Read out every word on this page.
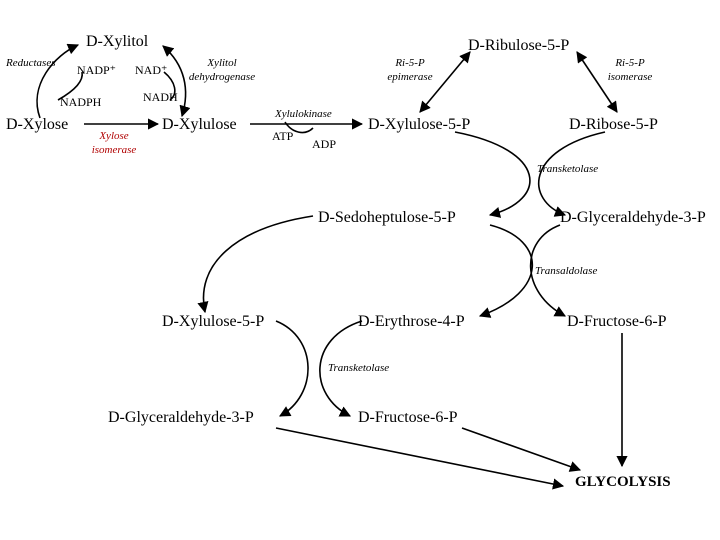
D-Xylitol
D-Xylose	D-Xylulose
D-Ribulose-5-P
D-Xylulose-5-P	D-Ribose-5-P
D-Sedoheptulose-5-P	D-Glyceraldehyde-3-P
D-Xylulose-5-P	D-Erythrose-4-P	D-Fructose-6-P
D-Glyceraldehyde-3-P	D-Fructose-6-P
GLYCOLYSIS
NADP⁺
NADPH
NAD⁺
NADH
ATP
ADP
Reductases	Xylitol
dehydrogenase
Xylose
isomerase
Xylulokinase
Ri-5-P
epimerase
Ri-5-P
isomerase
Transketolase
Transaldolase
Transketolase
